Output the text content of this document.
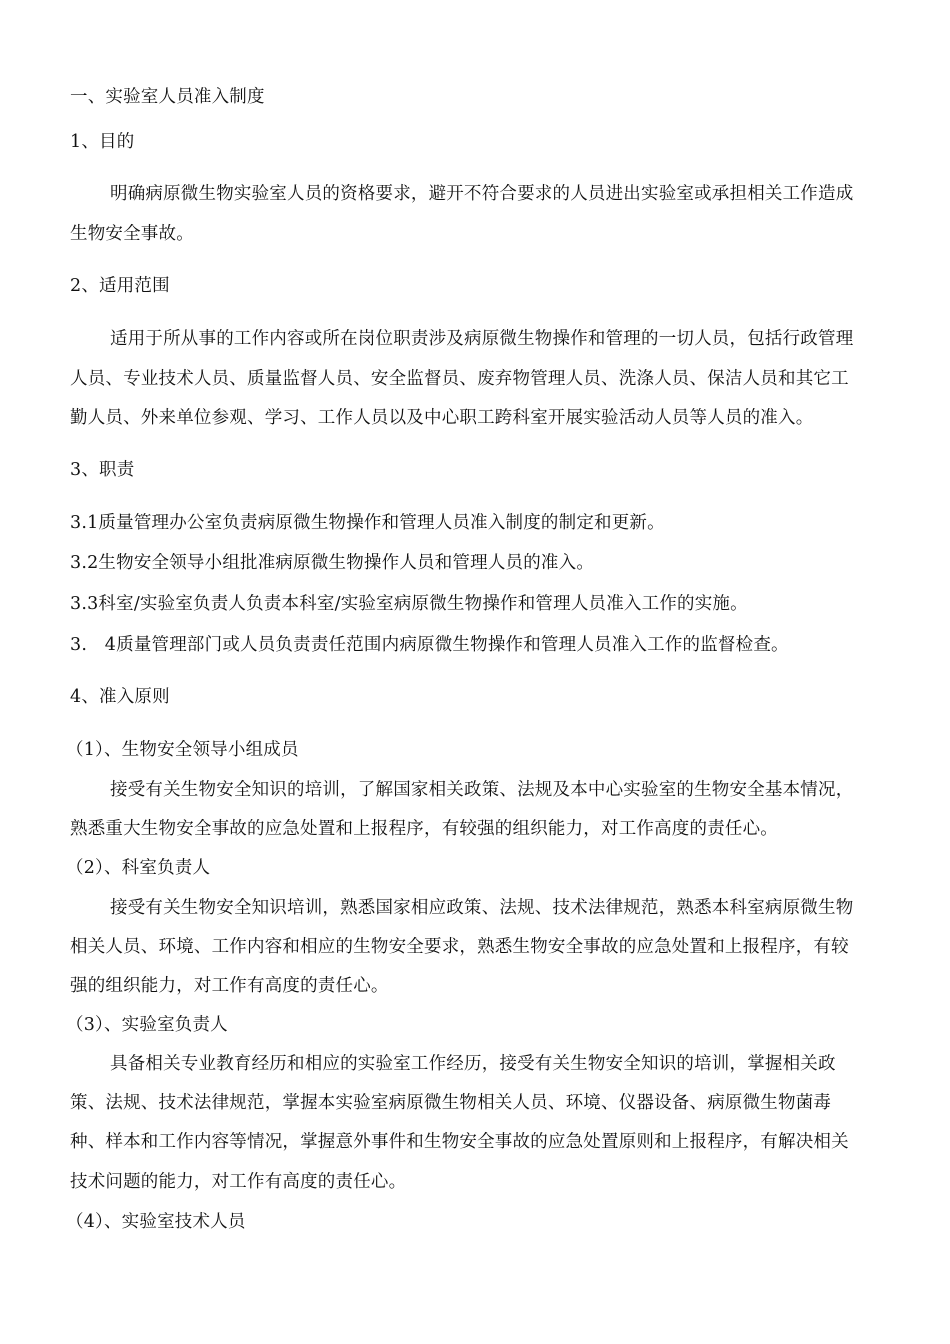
一、实验室人员准入制度
1、目的
明确病原微生物实验室人员的资格要求，避开不符合要求的人员进出实验室或承担相关工作造成
生物安全事故。
2、适用范围
适用于所从事的工作内容或所在岗位职责涉及病原微生物操作和管理的一切人员，包括行政管理
人员、专业技术人员、质量监督人员、安全监督员、废弃物管理人员、洗涤人员、保洁人员和其它工
勤人员、外来单位参观、学习、工作人员以及中心职工跨科室开展实验活动人员等人员的准入。
3、职责
3.1质量管理办公室负责病原微生物操作和管理人员准入制度的制定和更新。
3.2生物安全领导小组批准病原微生物操作人员和管理人员的准入。
3.3科室/实验室负责人负责本科室/实验室病原微生物操作和管理人员准入工作的实施。
3.　4质量管理部门或人员负责责任范围内病原微生物操作和管理人员准入工作的监督检查。
4、准入原则
（1）、生物安全领导小组成员
接受有关生物安全知识的培训，了解国家相关政策、法规及本中心实验室的生物安全基本情况，
熟悉重大生物安全事故的应急处置和上报程序，有较强的组织能力，对工作高度的责任心。
（2）、科室负责人
接受有关生物安全知识培训，熟悉国家相应政策、法规、技术法律规范，熟悉本科室病原微生物
相关人员、环境、工作内容和相应的生物安全要求，熟悉生物安全事故的应急处置和上报程序，有较
强的组织能力，对工作有高度的责任心。
（3）、实验室负责人
具备相关专业教育经历和相应的实验室工作经历，接受有关生物安全知识的培训，掌握相关政
策、法规、技术法律规范，掌握本实验室病原微生物相关人员、环境、仪器设备、病原微生物菌毒
种、样本和工作内容等情况，掌握意外事件和生物安全事故的应急处置原则和上报程序，有解决相关
技术问题的能力，对工作有高度的责任心。
（4）、实验室技术人员
